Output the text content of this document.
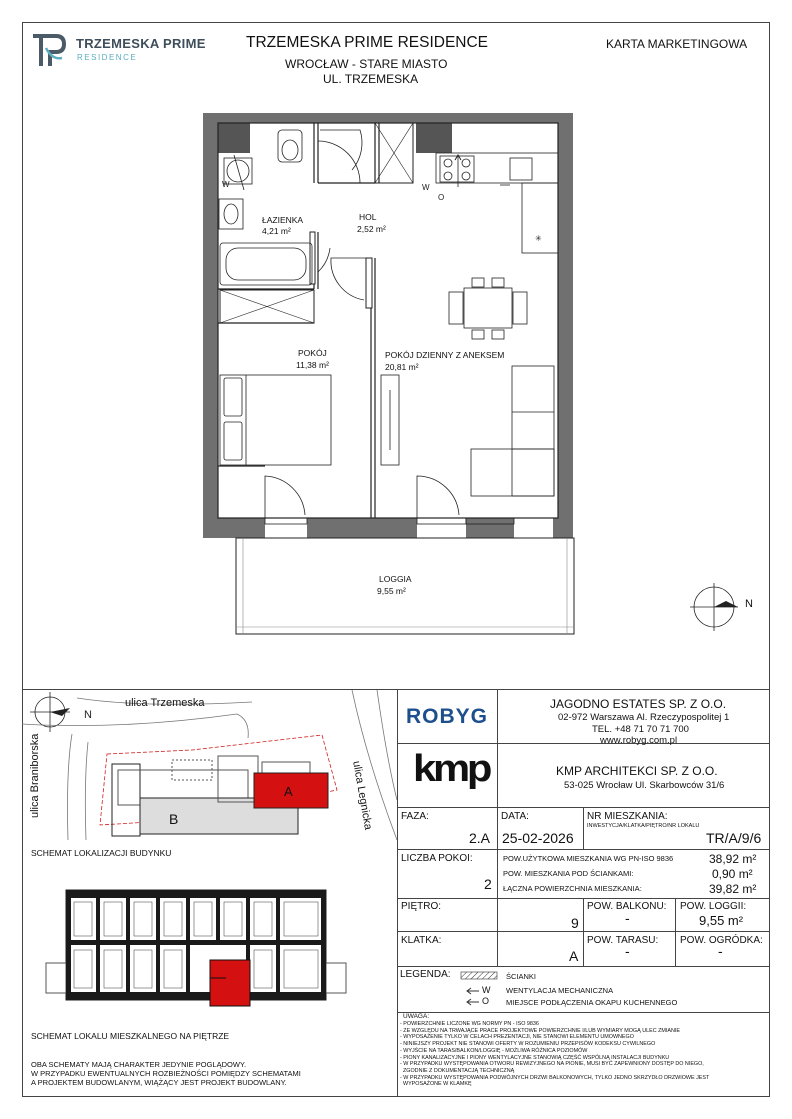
TRZEMESKA PRIME
RESIDENCE
TRZEMESKA PRIME RESIDENCE
WROCŁAW - STARE MIASTO
UL. TRZEMESKA
KARTA MARKETINGOWA
✳
W	W
O
N
ŁAZIENKA
4,21 m²
HOL
2,52 m²
POKÓJ
11,38 m²
POKÓJ DZIENNY Z ANEKSEM
20,81 m²
LOGGIA
9,55 m²
N
A
B
ulica Trzemeska
ulica Braniborska	ulica Legnicka
SCHEMAT LOKALIZACJI BUDYNKU
SCHEMAT LOKALU MIESZKALNEGO NA PIĘTRZE
OBA SCHEMATY MAJĄ CHARAKTER JEDYNIE POGLĄDOWY.
W PRZYPADKU EWENTUALNYCH ROZBIEŻNOŚCI POMIĘDZY SCHEMATAMI
A PROJEKTEM BUDOWLANYM, WIĄŻĄCY JEST PROJEKT BUDOWLANY.
ROBYG
JAGODNO ESTATES SP. Z O.O.
02-972 Warszawa Al. Rzeczypospolitej 1
TEL. +48 71 70 71 700
www.robyg.com.pl
kmp	KMP ARCHITEKCI SP. Z O.O.
53-025 Wrocław Ul. Skarbowców 31/6
FAZA:
2.A
DATA:
25-02-2026
NR MIESZKANIA:
INWESTYCJA/KLATKA/PIĘTRO/NR LOKALU
TR/A/9/6
LICZBA POKOI:
2
POW.UŻYTKOWA MIESZKANIA WG PN-ISO 9836	38,92 m²
POW. MIESZKANIA POD ŚCIANKAMI:	0,90 m²
ŁĄCZNA POWIERZCHNIA MIESZKANIA:	39,82 m²
PIĘTRO:
9
POW. BALKONU:
-
POW. LOGGII:
9,55 m²
KLATKA:
A
POW. TARASU:
-
POW. OGRÓDKA:
-
LEGENDA:
W
O
ŚCIANKI
WENTYLACJA MECHANICZNA
MIEJSCE PODŁĄCZENIA OKAPU KUCHENNEGO
UWAGA:
- POWIERZCHNIE LICZONE WG NORMY PN - ISO 9836
- ZE WZGLĘDU NA TRWAJĄCE PRACE PROJEKTOWE POWIERZCHNIE I/LUB WYMIARY MOGĄ ULEC ZMIANIE
- WYPOSAŻENIE TYLKO W CELACH PREZENTACJI, NIE STANOWI ELEMENTU UMOWNEGO
- NINIEJSZY PROJEKT NIE STANOWI OFERTY W ROZUMIENIU PRZEPISÓW KODEKSU CYWILNEGO
- WYJŚCIE NA TARAS/BALKON/LOGGIĘ - MOŻLIWA RÓŻNICA POZIOMÓW
- PIONY KANALIZACYJNE I PIONY WENTYLACYJNE STANOWIĄ CZĘŚĆ WSPÓLNĄ INSTALACJI BUDYNKU
- W PRZYPADKU WYSTĘPOWANIA OTWORU REWIZYJNEGO NA PIONIE, MUSI BYĆ ZAPEWNIONY DOSTĘP DO NIEGO,
ZGODNIE Z DOKUMENTACJĄ TECHNICZNĄ
- W PRZYPADKU WYSTĘPOWANIA PODWÓJNYCH DRZWI BALKONOWYCH, TYLKO JEDNO SKRZYDŁO DRZWIOWE JEST
WYPOSAŻONE W KLAMKĘ
